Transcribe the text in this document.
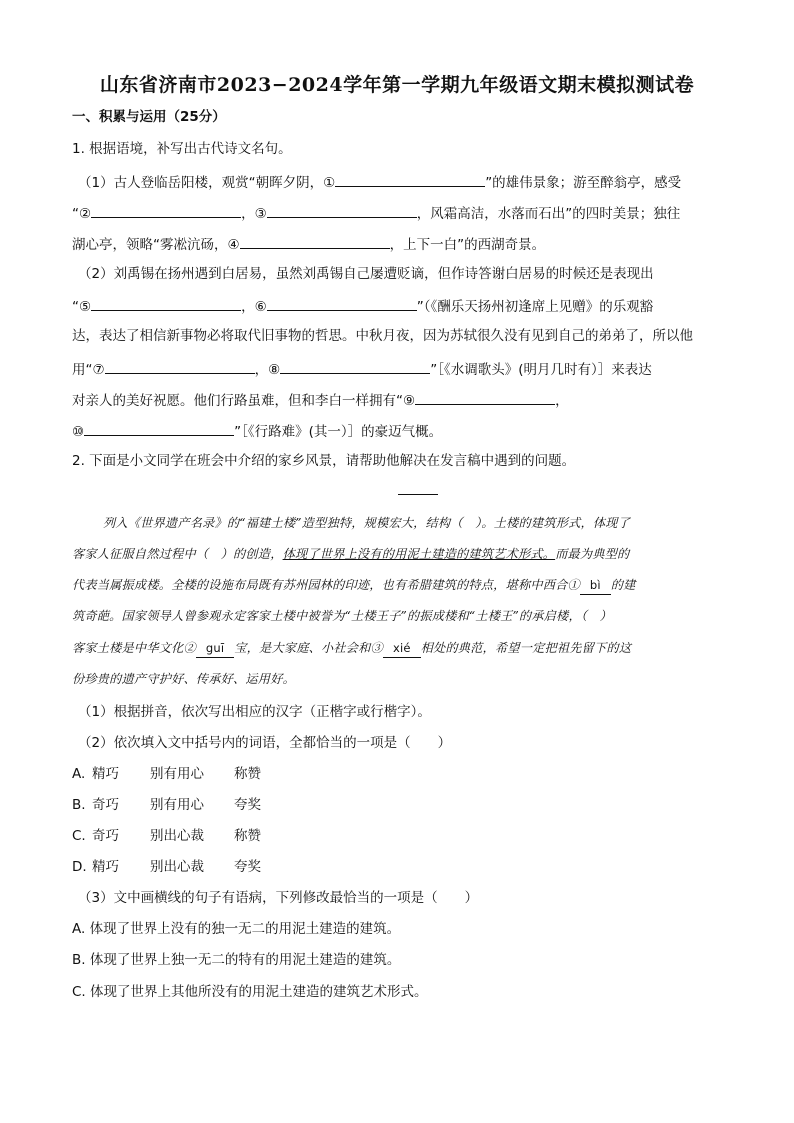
山东省济南市2023−2024学年第一学期九年级语文期末模拟测试卷
一、积累与运用（25分）
1. 根据语境，补写出古代诗文名句。
（1）古人登临岳阳楼，观赏“朝晖夕阴，①	”的雄伟景象；游至醉翁亭，感受
“②	，③	，风霜高洁，水落而石出”的四时美景；独往
湖心亭，领略“雾凇沆砀，④	，上下一白”的西湖奇景。
（2）刘禹锡在扬州遇到白居易，虽然刘禹锡自己屡遭贬谪，但作诗答谢白居易的时候还是表现出
“⑤	，⑥	”（《酬乐天扬州初逢席上见赠》的乐观豁
达，表达了相信新事物必将取代旧事物的哲思。中秋月夜，因为苏轼很久没有见到自己的弟弟了，所以他
用“⑦	，⑧	”［《水调歌头》(明月几时有）］来表达
对亲人的美好祝愿。他们行路虽难，但和李白一样拥有“⑨	，
⑩	”［《行路难》(其一）］的豪迈气概。
2. 下面是小文同学在班会中介绍的家乡风景，请帮助他解决在发言稿中遇到的问题。
列入《世界遗产名录》的“福建土楼”造型独特，规模宏大，结构（　）。土楼的建筑形式，体现了
客家人征服自然过程中（　）的创造，体现了世界上没有的用泥土建造的建筑艺术形式。而最为典型的
代表当属振成楼。全楼的设施布局既有苏州园林的印迹，也有希腊建筑的特点，堪称中西合① bì 的建
筑奇葩。国家领导人曾参观永定客家土楼中被誉为“土楼王子”的振成楼和“土楼王”的承启楼，（　）
客家土楼是中华文化② guī 宝，是大家庭、小社会和③ xié 相处的典范，希望一定把祖先留下的这
份珍贵的遗产守护好、传承好、运用好。
（1）根据拼音，依次写出相应的汉字（正楷字或行楷字）。
（2）依次填入文中括号内的词语，全都恰当的一项是（　　）
A. 精巧 别有用心 称赞
B. 奇巧 别有用心 夸奖
C. 奇巧 别出心裁 称赞
D. 精巧 别出心裁 夸奖
（3）文中画横线的句子有语病，下列修改最恰当的一项是（　　）
A. 体现了世界上没有的独一无二的用泥土建造的建筑。
B. 体现了世界上独一无二的特有的用泥土建造的建筑。
C. 体现了世界上其他所没有的用泥土建造的建筑艺术形式。
